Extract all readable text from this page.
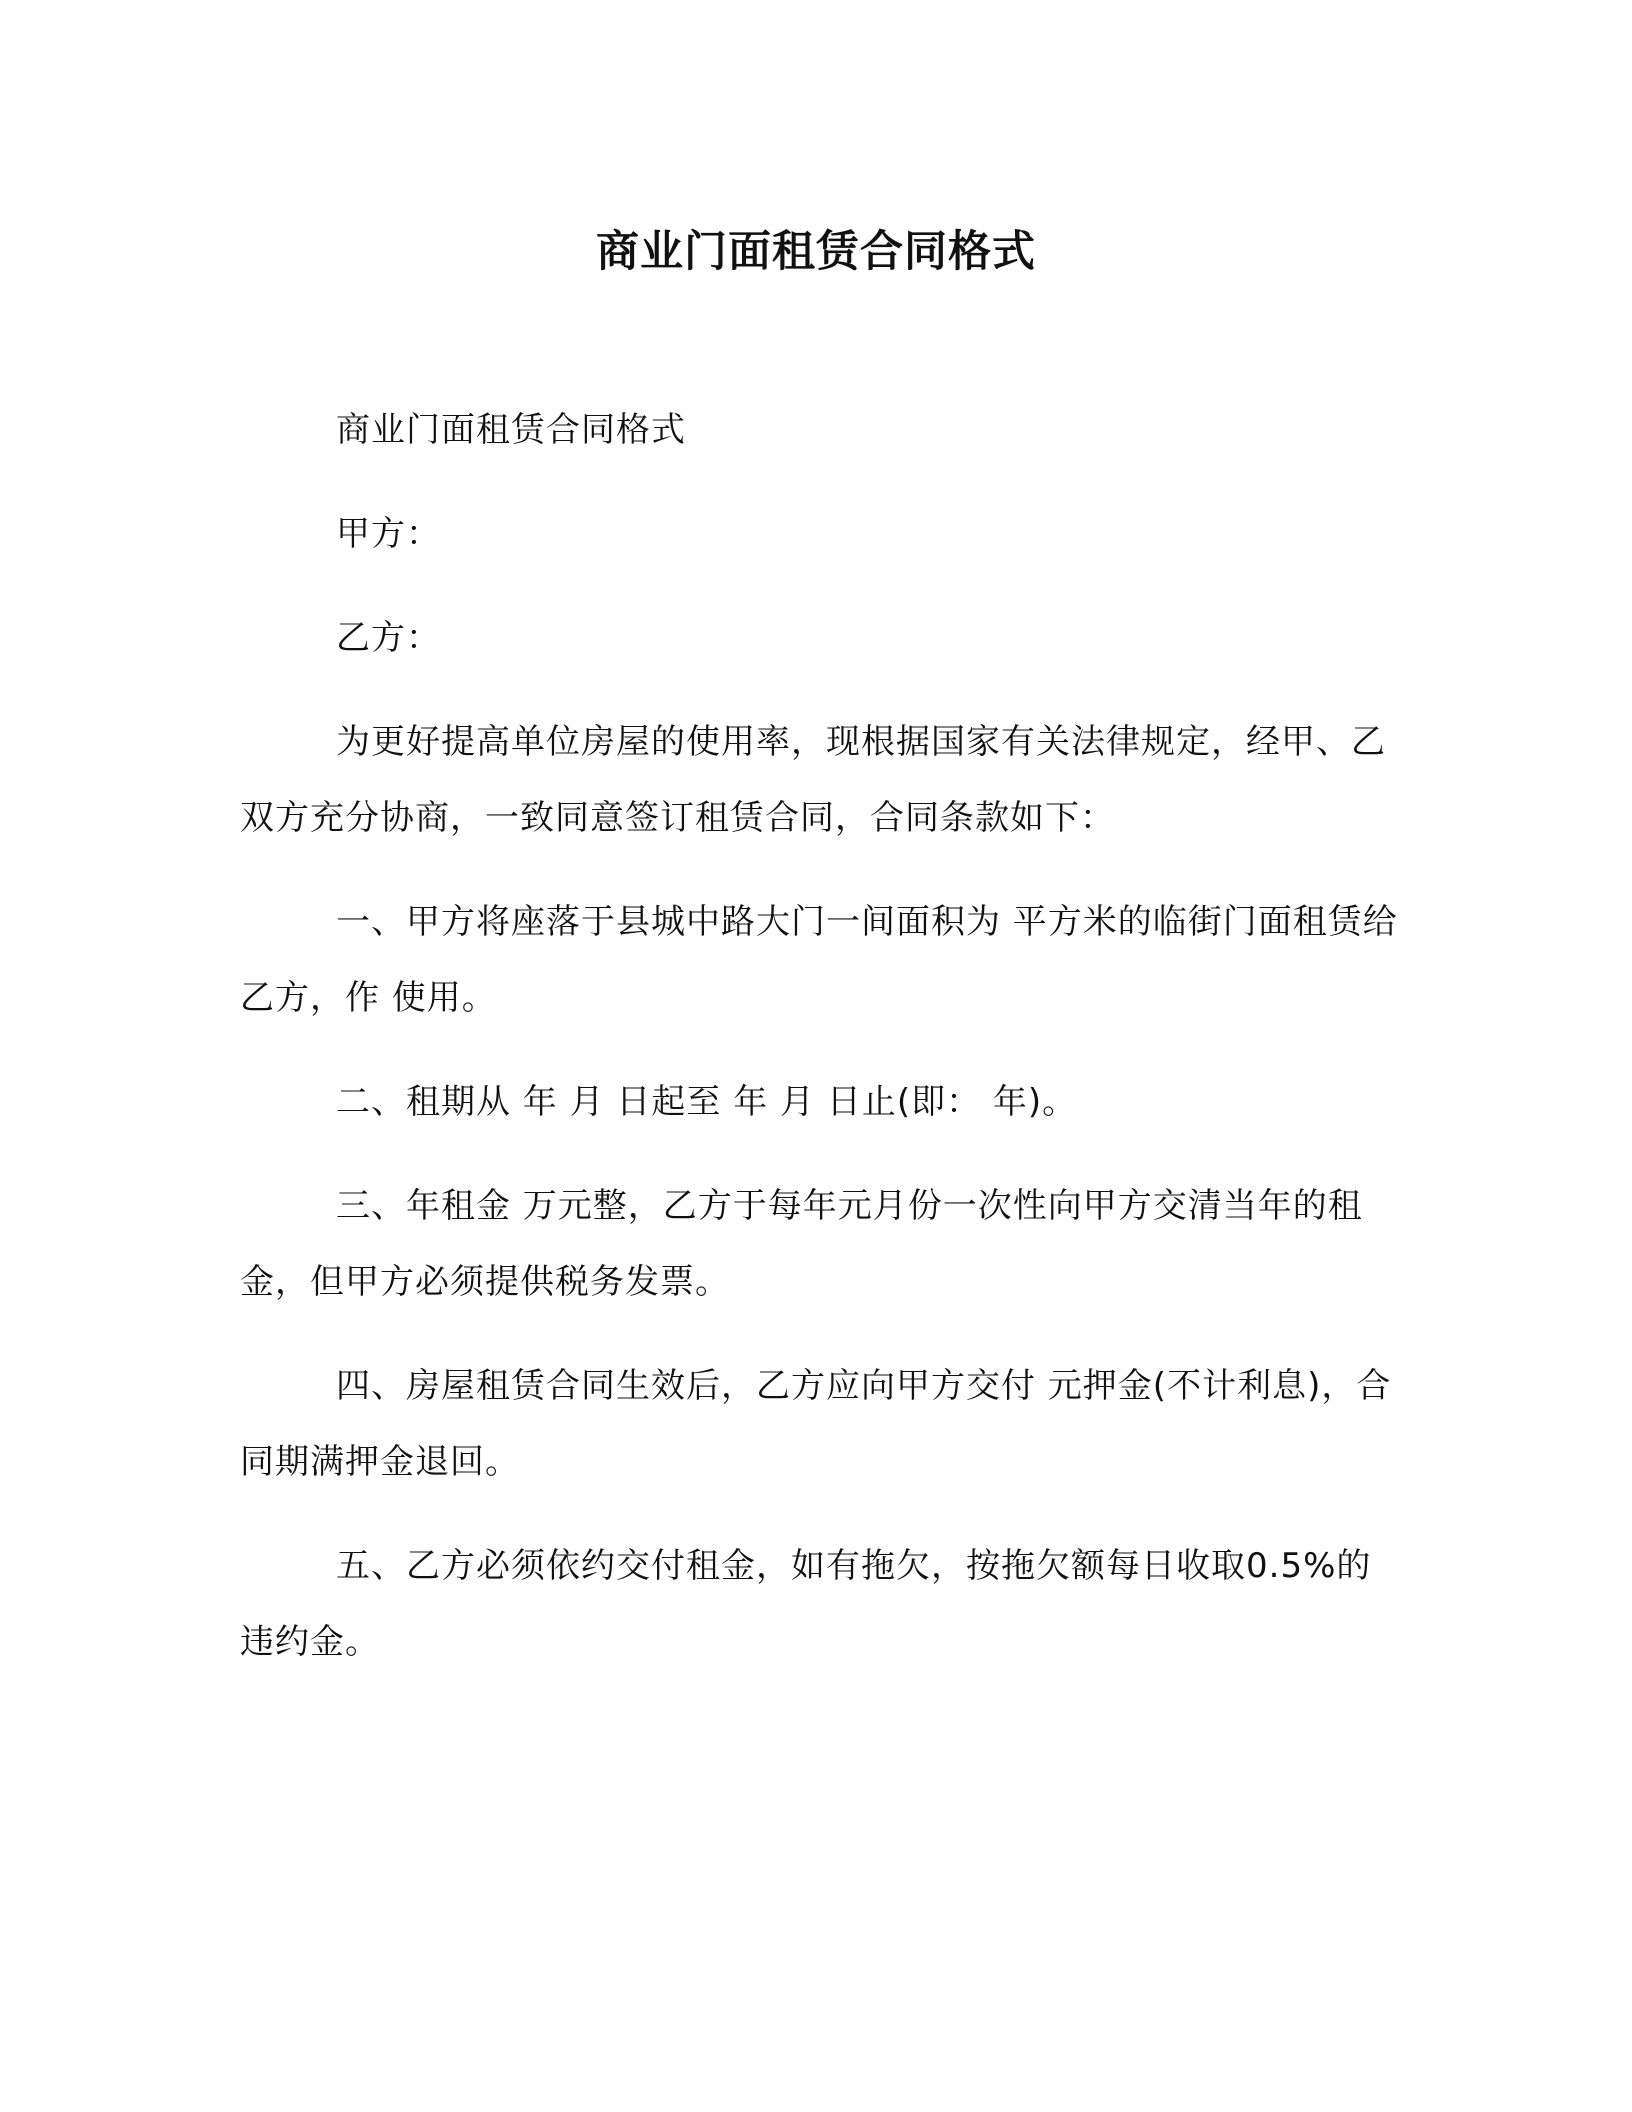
商业门面租赁合同格式

商业门面租赁合同格式

甲方：

乙方：

为更好提高单位房屋的使用率，现根据国家有关法律规定，经甲、乙双方充分协商，一致同意签订租赁合同，合同条款如下：

一、甲方将座落于县城中路大门一间面积为 平方米的临街门面租赁给乙方，作 使用。

二、租期从 年 月 日起至 年 月 日止(即： 年)。

三、年租金 万元整，乙方于每年元月份一次性向甲方交清当年的租金，但甲方必须提供税务发票。

四、房屋租赁合同生效后，乙方应向甲方交付 元押金(不计利息)，合同期满押金退回。

五、乙方必须依约交付租金，如有拖欠，按拖欠额每日收取0.5%的违约金。
